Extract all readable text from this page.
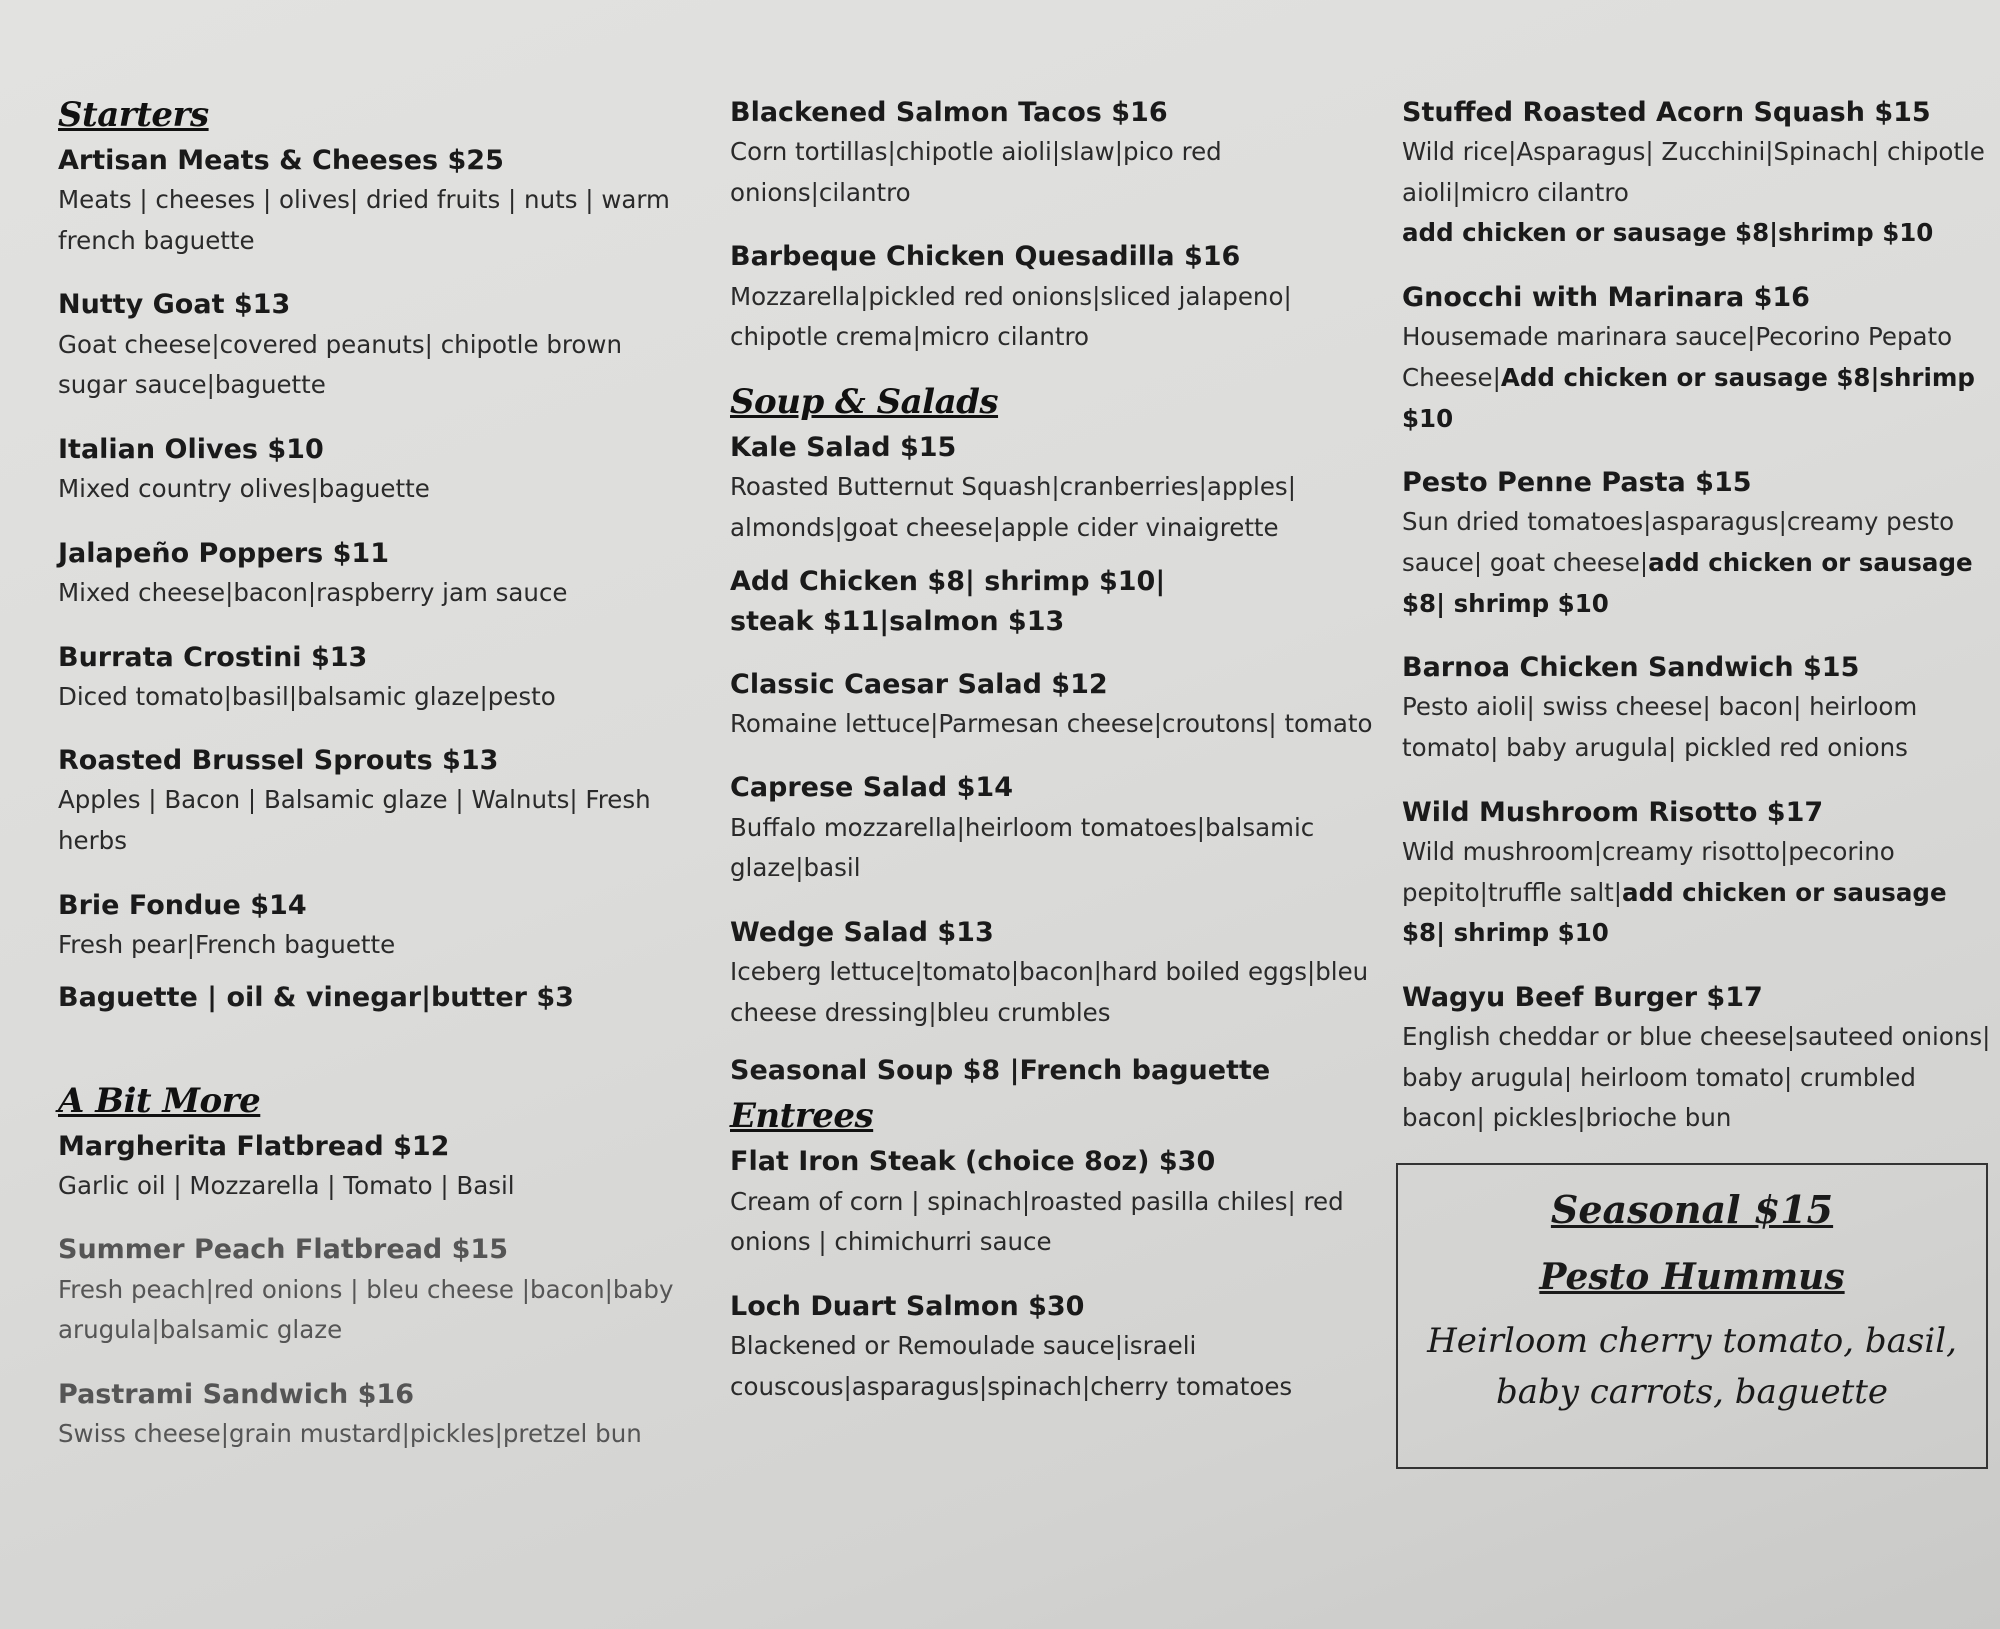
Starters
Artisan Meats & Cheeses $25
Meats | cheeses | olives| dried fruits | nuts | warm french baguette
Nutty Goat $13
Goat cheese|covered peanuts| chipotle brown sugar sauce|baguette
Italian Olives $10
Mixed country olives|baguette
Jalapeño Poppers $11
Mixed cheese|bacon|raspberry jam sauce
Burrata Crostini $13
Diced tomato|basil|balsamic glaze|pesto
Roasted Brussel Sprouts $13
Apples | Bacon | Balsamic glaze | Walnuts| Fresh herbs
Brie Fondue $14
Fresh pear|French baguette
Baguette | oil & vinegar|butter $3
A Bit More
Margherita Flatbread $12
Garlic oil | Mozzarella | Tomato | Basil
Summer Peach Flatbread $15
Fresh peach|red onions | bleu cheese |bacon|baby arugula|balsamic glaze
Pastrami Sandwich $16
Swiss cheese|grain mustard|pickles|pretzel bun
Blackened Salmon Tacos $16
Corn tortillas|chipotle aioli|slaw|pico red onions|cilantro
Barbeque Chicken Quesadilla $16
Mozzarella|pickled red onions|sliced jalapeno| chipotle crema|micro cilantro
Soup & Salads
Kale Salad $15
Roasted Butternut Squash|cranberries|apples| almonds|goat cheese|apple cider vinaigrette
Add Chicken $8| shrimp $10|
steak $11|salmon $13
Classic Caesar Salad $12
Romaine lettuce|Parmesan cheese|croutons| tomato
Caprese Salad $14
Buffalo mozzarella|heirloom tomatoes|balsamic glaze|basil
Wedge Salad $13
Iceberg lettuce|tomato|bacon|hard boiled eggs|bleu cheese dressing|bleu crumbles
Seasonal Soup $8 |French baguette
Entrees
Flat Iron Steak (choice 8oz) $30
Cream of corn | spinach|roasted pasilla chiles| red onions | chimichurri sauce
Loch Duart Salmon $30
Blackened or Remoulade sauce|israeli couscous|asparagus|spinach|cherry tomatoes
Stuffed Roasted Acorn Squash $15
Wild rice|Asparagus| Zucchini|Spinach| chipotle aioli|micro cilantro
add chicken or sausage $8|shrimp $10
Gnocchi with Marinara $16
Housemade marinara sauce|Pecorino Pepato Cheese|Add chicken or sausage $8|shrimp $10
Pesto Penne Pasta $15
Sun dried tomatoes|asparagus|creamy pesto sauce| goat cheese|add chicken or sausage $8| shrimp $10
Barnoa Chicken Sandwich $15
Pesto aioli| swiss cheese| bacon| heirloom tomato| baby arugula| pickled red onions
Wild Mushroom Risotto $17
Wild mushroom|creamy risotto|pecorino pepito|truffle salt|add chicken or sausage $8| shrimp $10
Wagyu Beef Burger $17
English cheddar or blue cheese|sauteed onions| baby arugula| heirloom tomato| crumbled bacon| pickles|brioche bun
Seasonal $15
Pesto Hummus
Heirloom cherry tomato, basil, baby carrots, baguette
